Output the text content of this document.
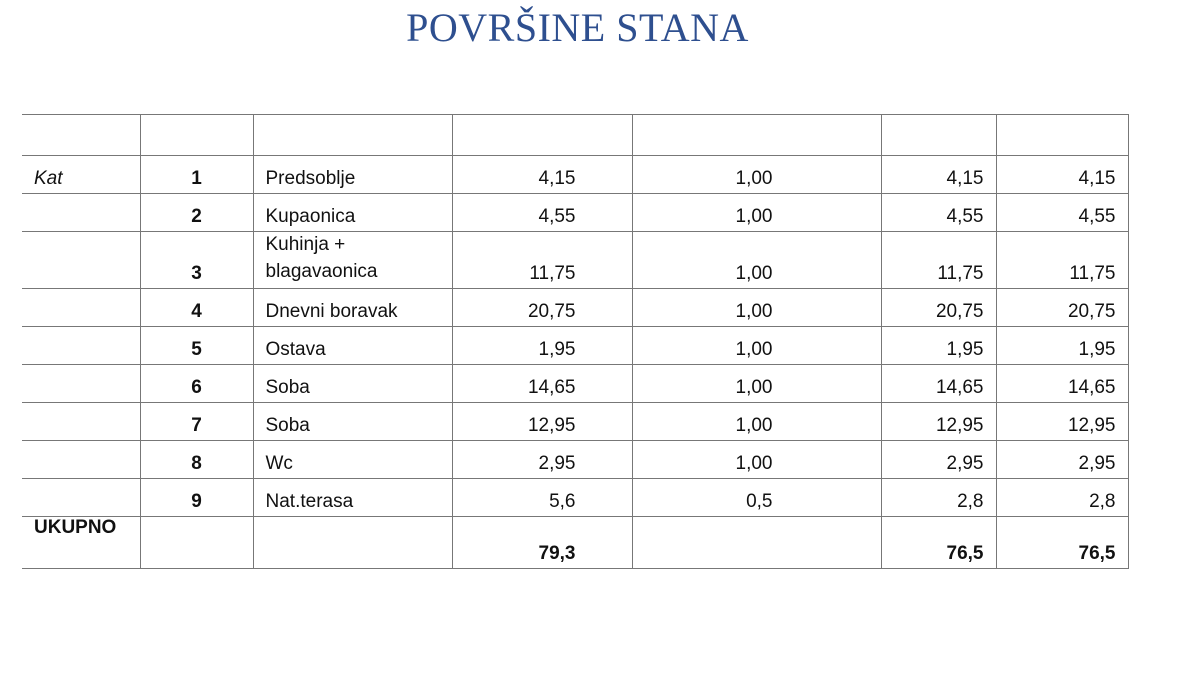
POVRŠINE STANA

Kat	1	Predsoblje	4,15	1,00	4,15	4,15
	2	Kupaonica	4,55	1,00	4,55	4,55
	3	Kuhinja + blagavaonica	11,75	1,00	11,75	11,75
	4	Dnevni boravak	20,75	1,00	20,75	20,75
	5	Ostava	1,95	1,00	1,95	1,95
	6	Soba	14,65	1,00	14,65	14,65
	7	Soba	12,95	1,00	12,95	12,95
	8	Wc	2,95	1,00	2,95	2,95
	9	Nat.terasa	5,6	0,5	2,8	2,8
UKUPNO			79,3		76,5	76,5
